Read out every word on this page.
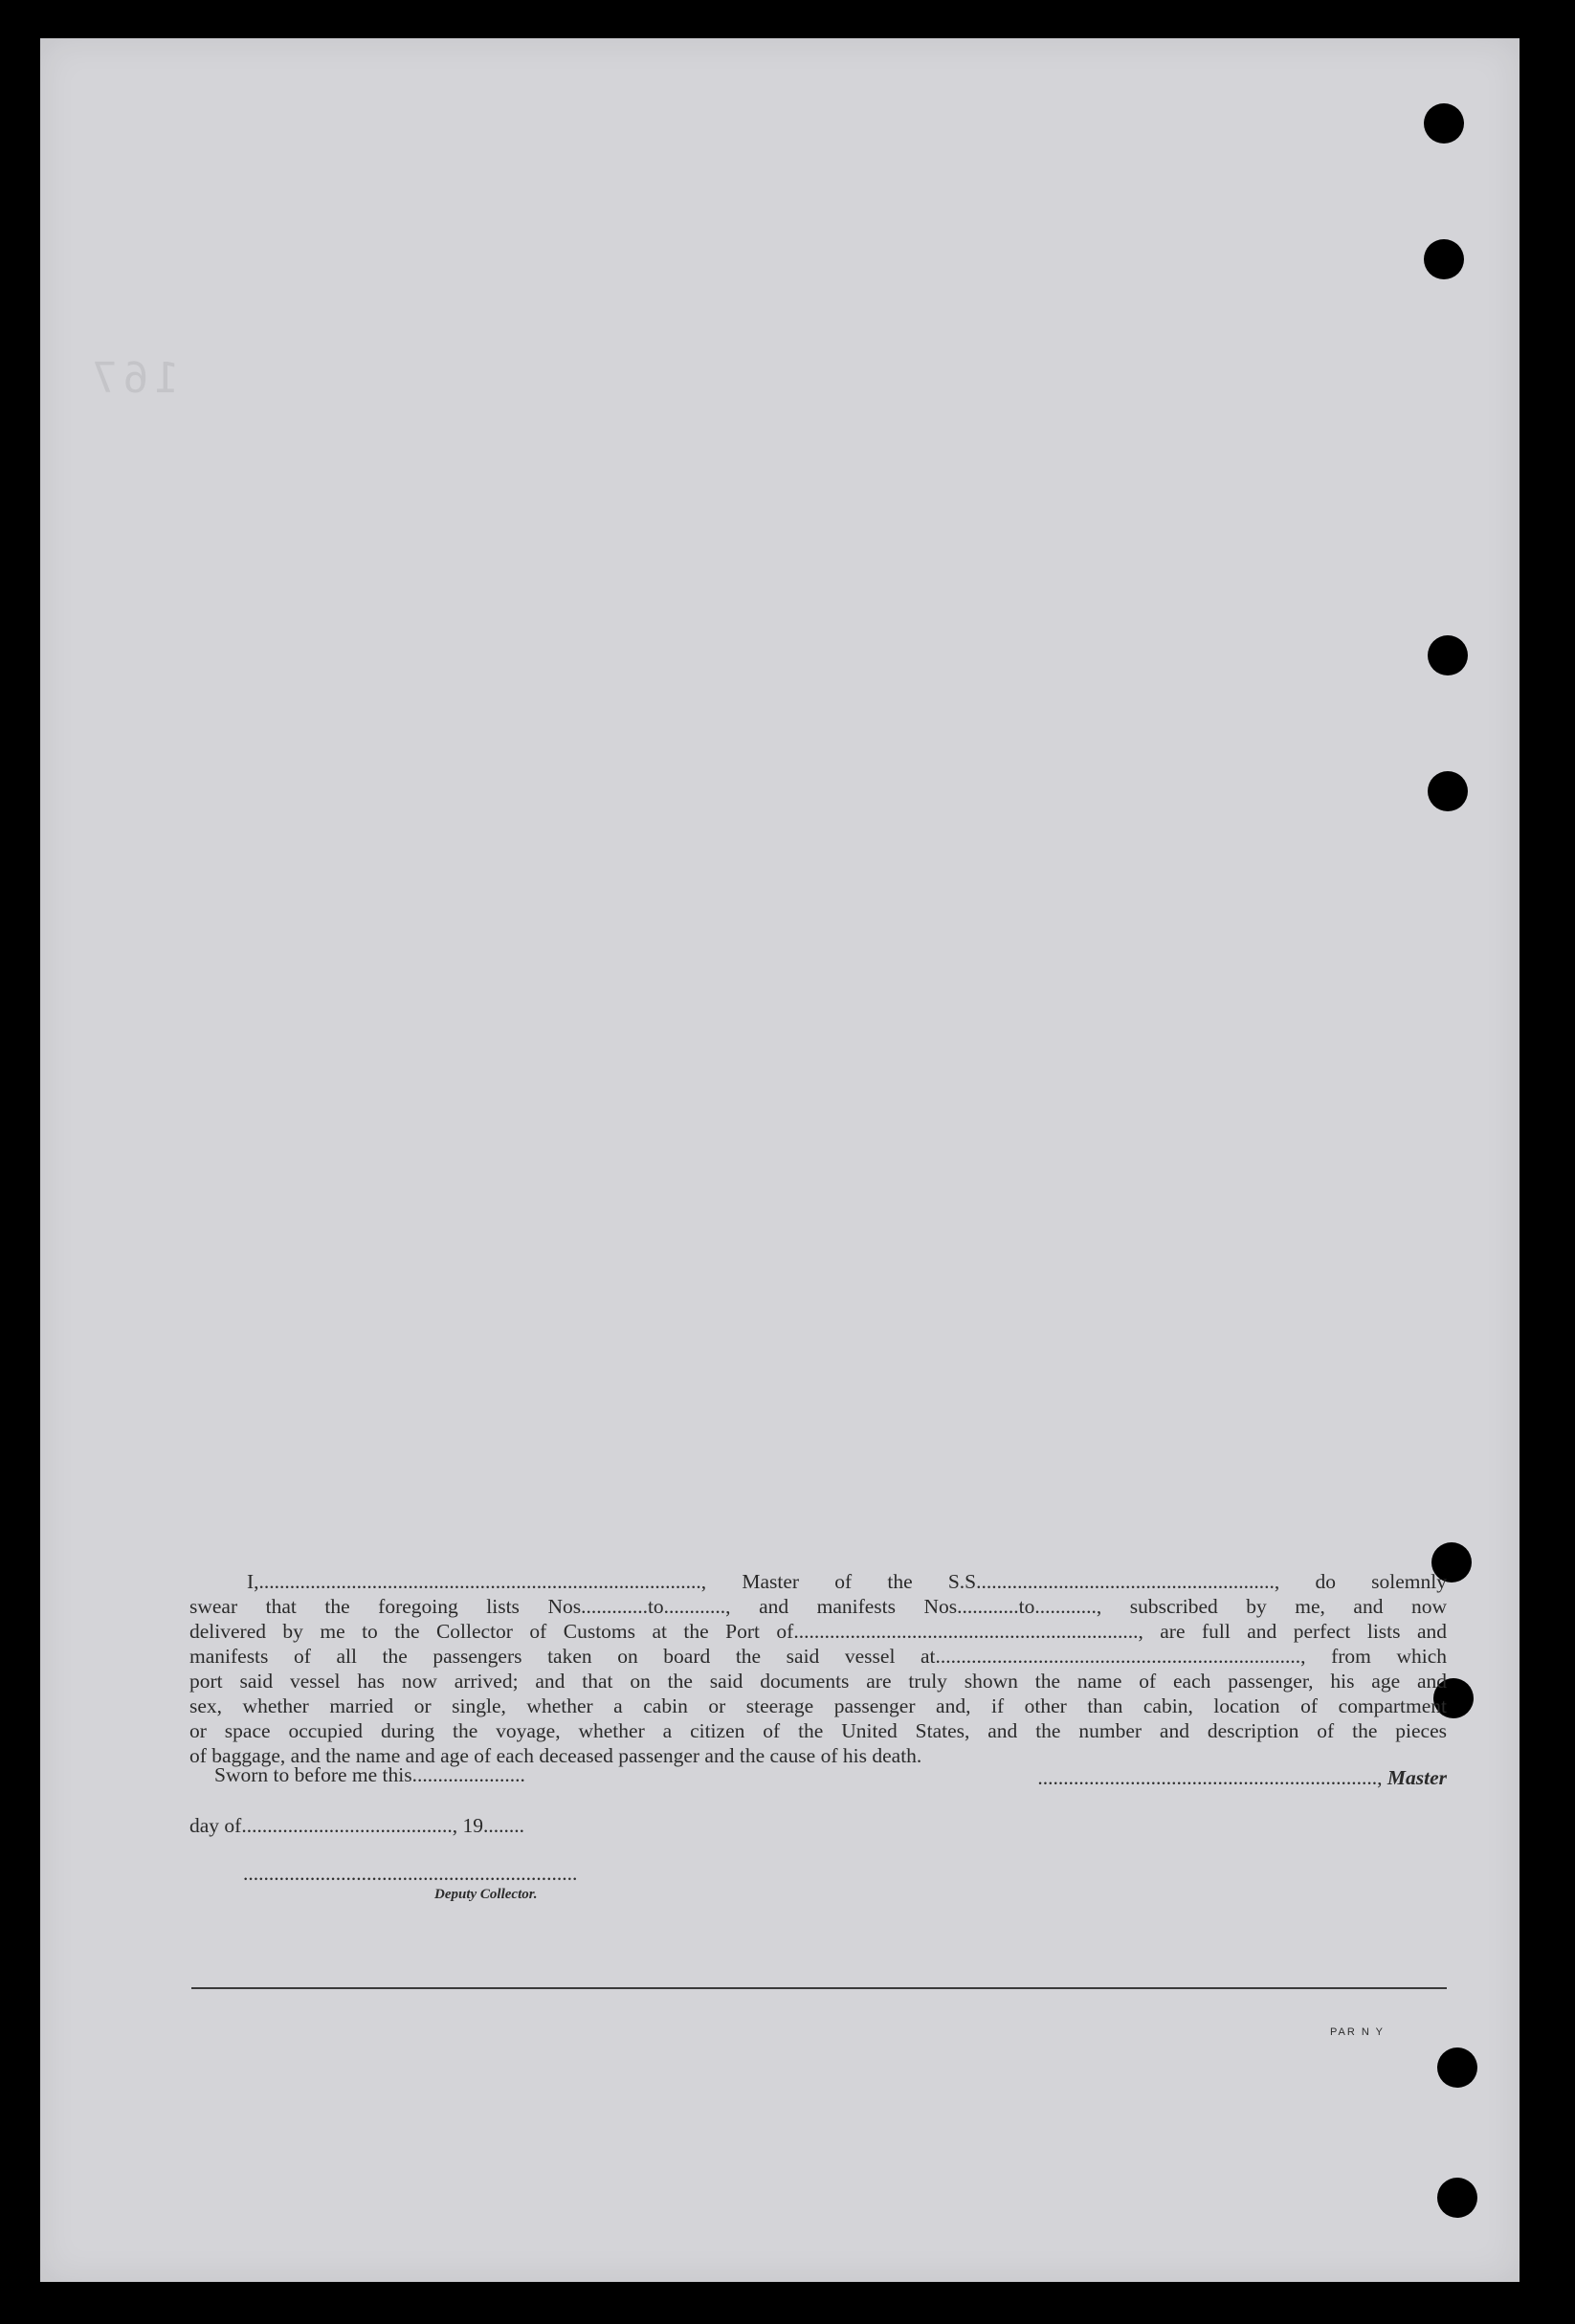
167

I,......................................................................................, Master of the S.S.........................................................., do solemnly

swear that the foregoing lists Nos.............to............, and manifests Nos............to............, subscribed by me, and now

delivered by me to the Collector of Customs at the Port of..................................................................., are full and perfect lists and

manifests of all the passengers taken on board the said vessel at......................................................................., from which

port said vessel has now arrived; and that on the said documents are truly shown the name of each passenger, his age and

sex, whether married or single, whether a cabin or steerage passenger and, if other than cabin, location of compartment

or space occupied during the voyage, whether a citizen of the United States, and the number and description of the pieces

of baggage, and the name and age of each deceased passenger and the cause of his death.

Sworn to before me this......................	.................................................................., Master
day of........................................., 19........
.................................................................
Deputy Collector.
PAR N Y
